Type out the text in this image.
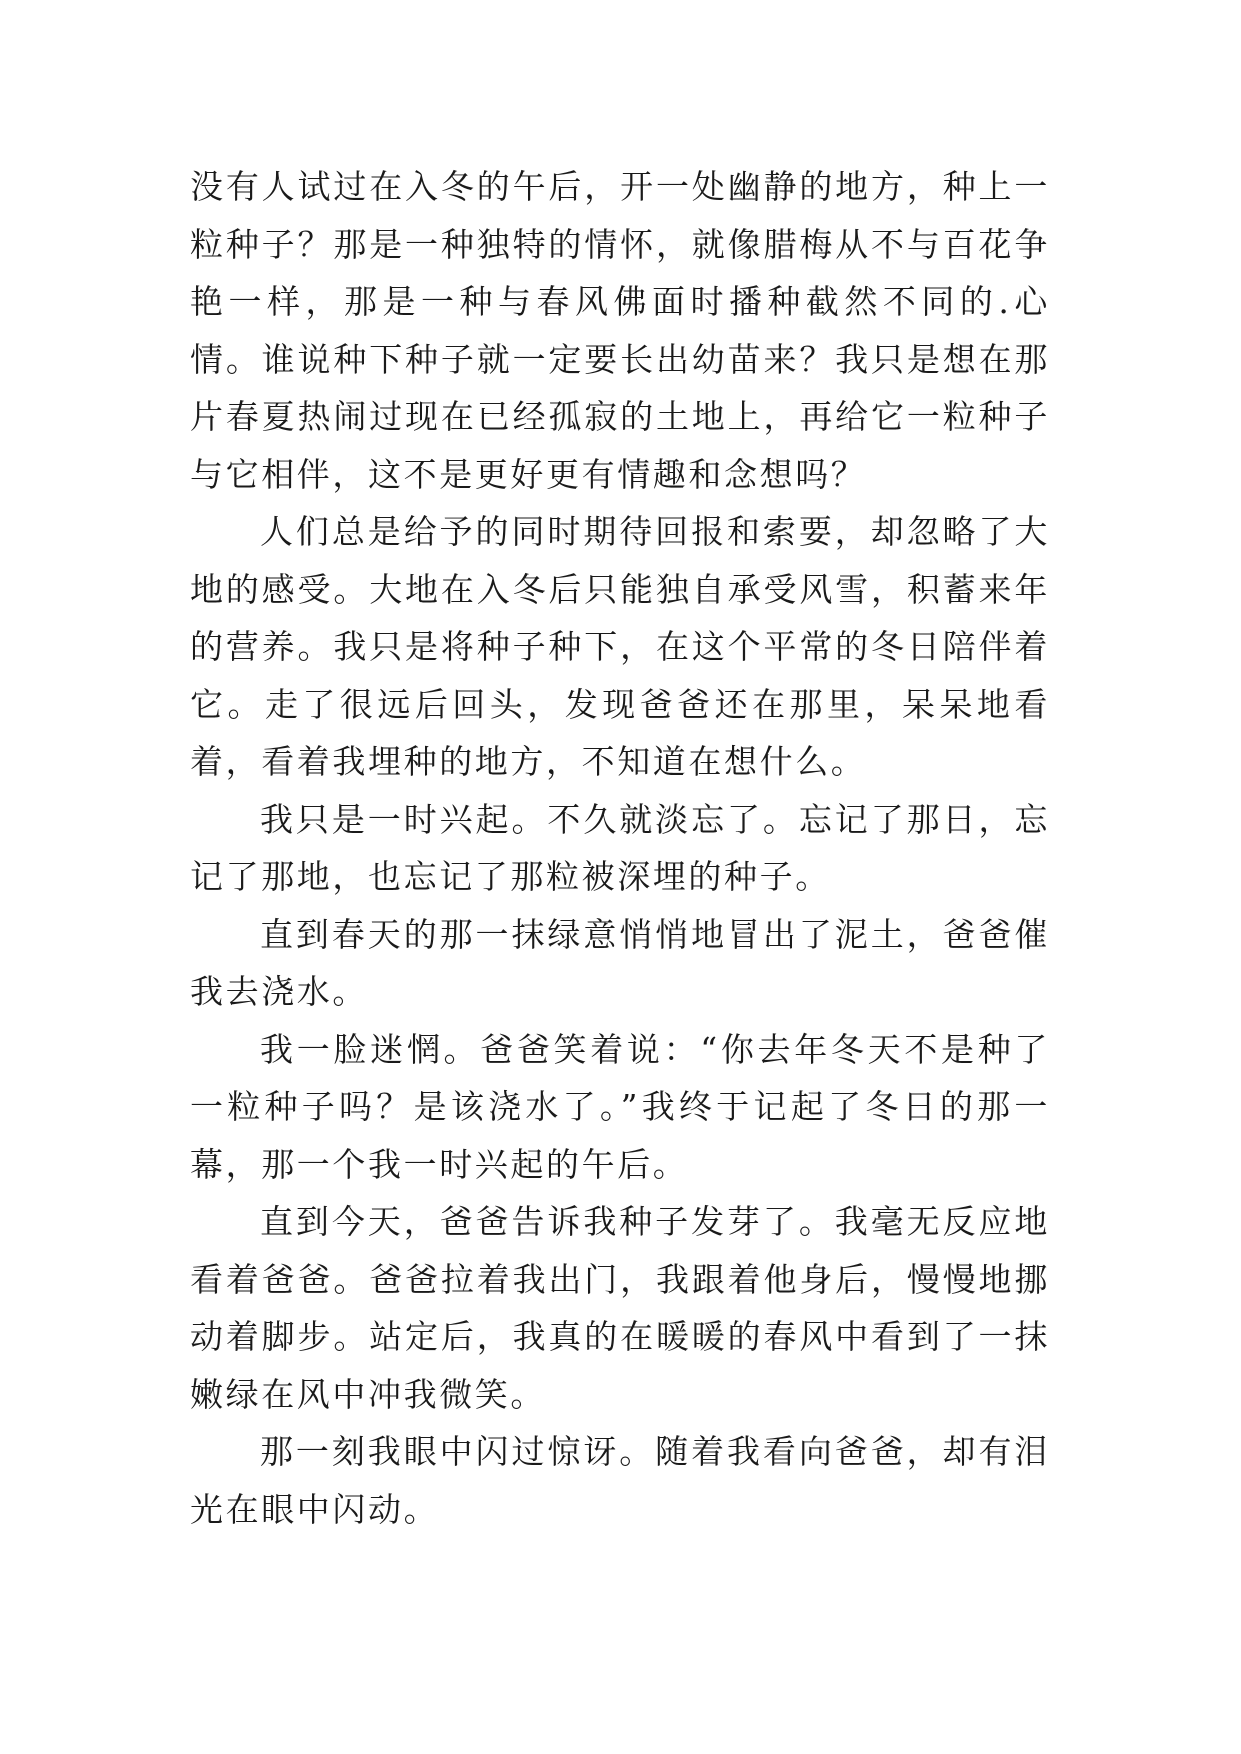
没有人试过在入冬的午后，开一处幽静的地方，种上一粒种子？那是一种独特的情怀，就像腊梅从不与百花争艳一样，那是一种与春风佛面时播种截然不同的.心情。谁说种下种子就一定要长出幼苗来？我只是想在那片春夏热闹过现在已经孤寂的土地上，再给它一粒种子与它相伴，这不是更好更有情趣和念想吗？

人们总是给予的同时期待回报和索要，却忽略了大地的感受。大地在入冬后只能独自承受风雪，积蓄来年的营养。我只是将种子种下，在这个平常的冬日陪伴着它。走了很远后回头，发现爸爸还在那里，呆呆地看着，看着我埋种的地方，不知道在想什么。

我只是一时兴起。不久就淡忘了。忘记了那日，忘记了那地，也忘记了那粒被深埋的种子。

直到春天的那一抹绿意悄悄地冒出了泥土，爸爸催我去浇水。

我一脸迷惘。爸爸笑着说：“你去年冬天不是种了一粒种子吗？是该浇水了。”我终于记起了冬日的那一幕，那一个我一时兴起的午后。

直到今天，爸爸告诉我种子发芽了。我毫无反应地看着爸爸。爸爸拉着我出门，我跟着他身后，慢慢地挪动着脚步。站定后，我真的在暖暖的春风中看到了一抹嫩绿在风中冲我微笑。

那一刻我眼中闪过惊讶。随着我看向爸爸，却有泪光在眼中闪动。
